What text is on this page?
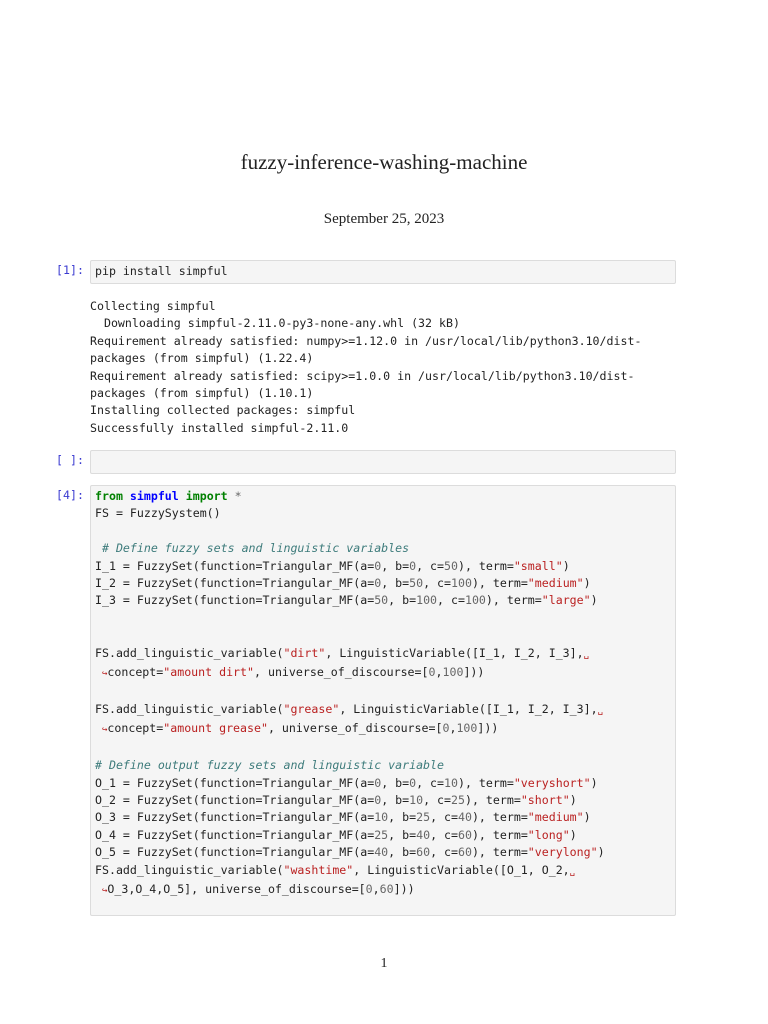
fuzzy-inference-washing-machine
September 25, 2023
[1]: pip install simpful
Collecting simpful
Downloading simpful-2.11.0-py3-none-any.whl (32 kB)
Requirement already satisfied: numpy>=1.12.0 in /usr/local/lib/python3.10/dist-
packages (from simpful) (1.22.4)
Requirement already satisfied: scipy>=1.0.0 in /usr/local/lib/python3.10/dist-
packages (from simpful) (1.10.1)
Installing collected packages: simpful
Successfully installed simpful-2.11.0
[ ]:
[4]: from simpful import *
FS = FuzzySystem()

# Define fuzzy sets and linguistic variables
I_1 = FuzzySet(function=Triangular_MF(a=0, b=0, c=50), term="small")
I_2 = FuzzySet(function=Triangular_MF(a=0, b=50, c=100), term="medium")
I_3 = FuzzySet(function=Triangular_MF(a=50, b=100, c=100), term="large")

FS.add_linguistic_variable("dirt", LinguisticVariable([I_1, I_2, I_3],␣
↪concept="amount dirt", universe_of_discourse=[0,100]))

FS.add_linguistic_variable("grease", LinguisticVariable([I_1, I_2, I_3],␣
↪concept="amount grease", universe_of_discourse=[0,100]))

# Define output fuzzy sets and linguistic variable
O_1 = FuzzySet(function=Triangular_MF(a=0, b=0, c=10), term="veryshort")
O_2 = FuzzySet(function=Triangular_MF(a=0, b=10, c=25), term="short")
O_3 = FuzzySet(function=Triangular_MF(a=10, b=25, c=40), term="medium")
O_4 = FuzzySet(function=Triangular_MF(a=25, b=40, c=60), term="long")
O_5 = FuzzySet(function=Triangular_MF(a=40, b=60, c=60), term="verylong")
FS.add_linguistic_variable("washtime", LinguisticVariable([O_1, O_2,␣
↪O_3,O_4,O_5], universe_of_discourse=[0,60]))
1
